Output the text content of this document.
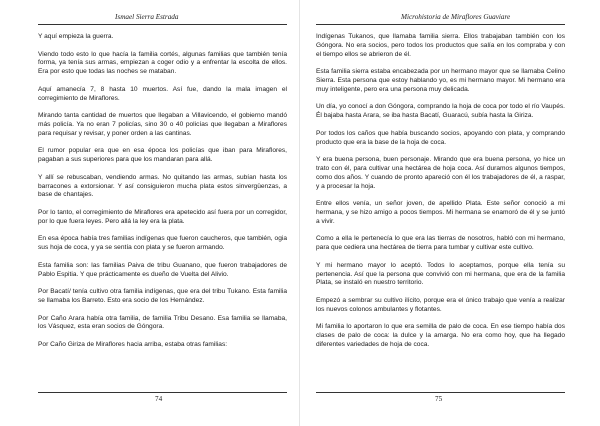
Ismael Sierra Estrada

Y aquí empieza la guerra.

Viendo todo esto lo que hacía la familia cortés, algunas familias que también tenía forma, ya tenía sus armas, empiezan a coger odio y a enfrentar la escolta de ellos. Era por esto que todas las noches se mataban.

Aquí amanecía 7, 8 hasta 10 muertos. Así fue, dando la mala imagen el corregimiento de Miraflores.

Mirando tanta cantidad de muertos que llegaban a Villavicendo, el gobierno mandó más policía. Ya no eran 7 policías, sino 30 o 40 policías que llegaban a Miraflores para requisar y revisar, y poner orden a las cantinas.

El rumor popular era que en esa época los policías que iban para Miraflores, pagaban a sus superiores para que los mandaran para allá.

Y allí se rebuscaban, vendiendo armas. No quitando las armas, subían hasta los barracones a extorsionar. Y así consiguieron mucha plata estos sinvergüenzas, a base de chantajes.

Por lo tanto, el corregimiento de Miraflores era apetecido así fuera por un corregidor, por lo que fuera leyes. Pero allá la ley era la plata.

En esa época había tres familias indígenas que fueron caucheros, que también, ogia sus hoja de coca, y ya se sentía con plata y se fueron armando.

Esta familia son: las familias Paiva de tribu Guanano, que fueron trabajadores de Pablo Espitia. Y que prácticamente es dueño de Vuelta del Alivio.

Por Bacatí/ tenía cultivo otra familia indígenas, que era del tribu Tukano. Esta familia se llamaba los Barreto. Esto era socio de los Hernández.

Por Caño Arara había otra familia, de familia Tribu Desano. Esa familia se llamaba, los Vásquez, esta eran socios de Góngora.

Por Caño Giriza de Miraflores hacia arriba, estaba otras familias:

74
Microhistoria de Miraflores Guaviare

Indígenas Tukanos, que llamaba familia sierra. Ellos trabajaban también con los Góngora. No era socios, pero todos los productos que salía en los compraba y con el tiempo ellos se abrieron de él.

Esta familia sierra estaba encabezada por un hermano mayor que se llamaba Celino Sierra. Esta persona que estoy hablando yo, es mi hermano mayor. Mi hermano era muy inteligente, pero era una persona muy delicada.

Un día, yo conocí a don Góngora, comprando la hoja de coca por todo el río Vaupés. Él bajaba hasta Arara, se iba hasta Bacatí, Guaracú, subía hasta la Giriza.

Por todos los caños que había buscando socios, apoyando con plata, y comprando producto que era la base de la hoja de coca.

Y era buena persona, buen personaje. Mirando que era buena persona, yo hice un trato con él, para cultivar una hectárea de hoja coca. Así duramos algunos tiempos, como dos años. Y cuando de pronto apareció con él los trabajadores de él, a raspar, y a procesar la hoja.

Entre ellos venía, un señor joven, de apellido Plata. Este señor conoció a mi hermana, y se hizo amigo a pocos tiempos. Mi hermana se enamoró de él y se juntó a vivir.

Como a ella le pertenecía lo que era las tierras de nosotros, habló con mi hermano, para que cediera una hectárea de tierra para tumbar y cultivar este cultivo.

Y mi hermano mayor lo aceptó. Todos lo aceptamos, porque ella tenía su pertenencia. Así que la persona que convivió con mi hermana, que era de la familia Plata, se instaló en nuestro territorio.

Empezó a sembrar su cultivo ilícito, porque era el único trabajo que venía a realizar los nuevos colonos ambulantes y flotantes.

Mi familia lo aportaron lo que era semilla de palo de coca. En ese tiempo había dos clases de palo de coca: la dulce y la amarga. No era como hoy, que ha llegado diferentes variedades de hoja de coca.

75
